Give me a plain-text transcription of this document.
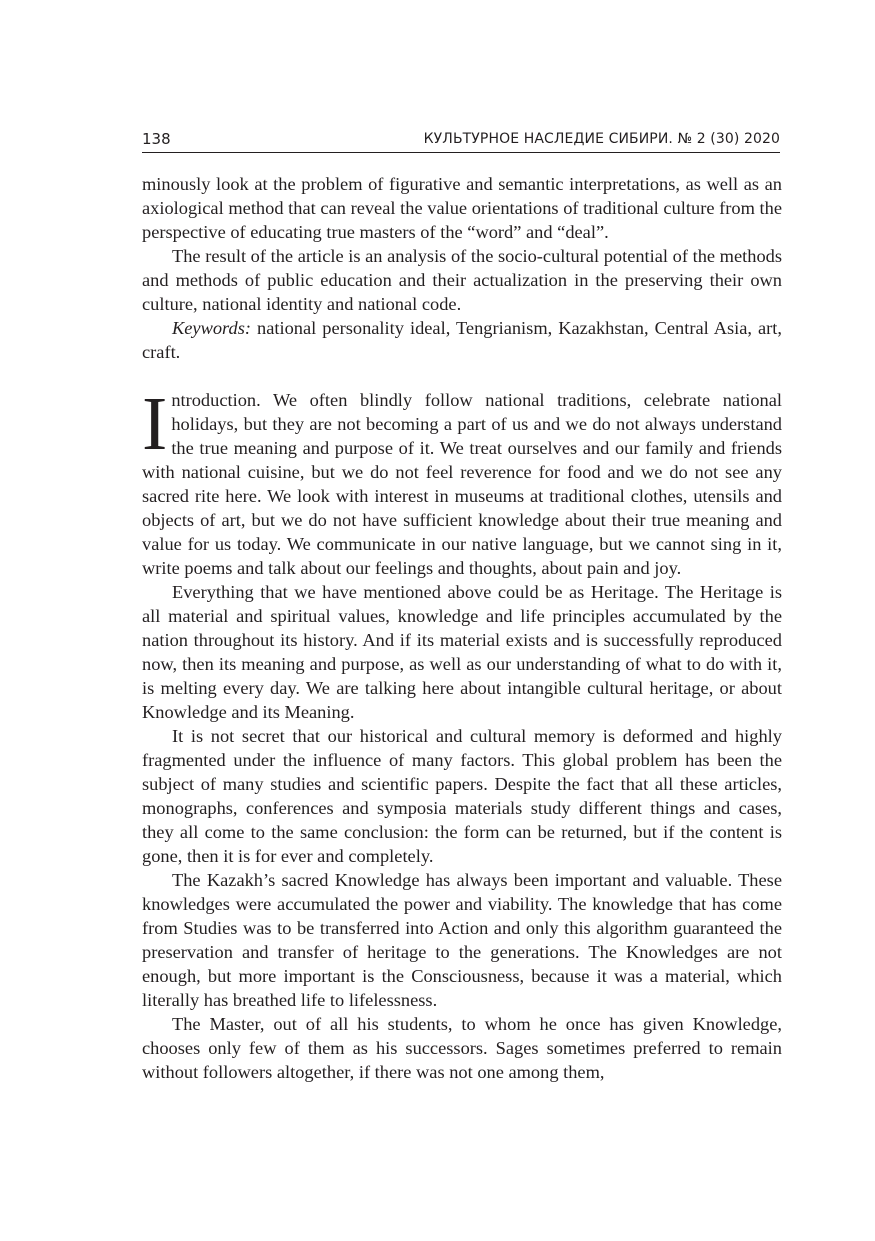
138	КУЛЬТУРНОЕ НАСЛЕДИЕ СИБИРИ. № 2 (30) 2020

minously look at the problem of figurative and semantic interpretations, as well as an axiological method that can reveal the value orientations of traditional culture from the perspective of educating true masters of the “word” and “deal”.

The result of the article is an analysis of the socio-cultural potential of the methods and methods of public education and their actualization in the preserving their own culture, national identity and national code.

Keywords: national personality ideal, Tengrianism, Kazakhstan, Central Asia, art, craft.

Introduction. We often blindly follow national traditions, celebrate national holidays, but they are not becoming a part of us and we do not always understand the true meaning and purpose of it. We treat ourselves and our family and friends with national cuisine, but we do not feel reverence for food and we do not see any sacred rite here. We look with interest in museums at traditional clothes, utensils and objects of art, but we do not have sufficient knowledge about their true meaning and value for us today. We communicate in our native language, but we cannot sing in it, write poems and talk about our feelings and thoughts, about pain and joy.

Everything that we have mentioned above could be as Heritage. The Heritage is all material and spiritual values, knowledge and life principles accumulated by the nation throughout its history. And if its material exists and is successfully reproduced now, then its meaning and purpose, as well as our understanding of what to do with it, is melting every day. We are talking here about intangible cultural heritage, or about Knowledge and its Meaning.

It is not secret that our historical and cultural memory is deformed and highly fragmented under the influence of many factors. This global problem has been the subject of many studies and scientific papers. Despite the fact that all these articles, monographs, conferences and symposia materials study different things and cases, they all come to the same conclusion: the form can be returned, but if the content is gone, then it is for ever and completely.

The Kazakh’s sacred Knowledge has always been important and valuable. These knowledges were accumulated the power and viability. The knowledge that has come from Studies was to be transferred into Action and only this algorithm guaranteed the preservation and transfer of heritage to the generations. The Knowledges are not enough, but more important is the Consciousness, because it was a material, which literally has breathed life to lifelessness.

The Master, out of all his students, to whom he once has given Knowledge, chooses only few of them as his successors. Sages sometimes preferred to remain without followers altogether, if there was not one among them,
